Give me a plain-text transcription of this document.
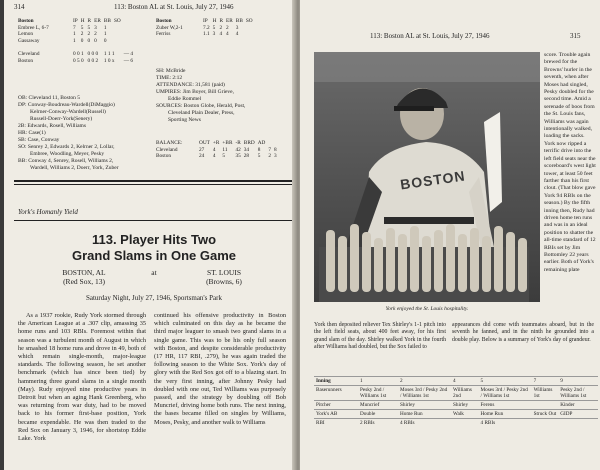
314	113: Boston AL at St. Louis, July 27, 1946
Boston	IP	H	R	ER	BB	SO	
Embree L, 6-7	7	5	5	3	1		
Lemon	1	2	2	2	1		
Gassaway	1	0	0	0	0		

Cleveland	0 0 1		0 0 0		1 1 1		— 4
Boston	0 5 0		0 0 2		1 0 x		— 6
OB: Cleveland 11, Boston 5
DP: Conway-Boudreau-Wardell(DiMaggio)
Kelrner-Conway-Wardell(Russell)
Russell-Doerr-York(Senery)
2B: Edwards, Rosell, Williams
HR: Case(1)
SB: Case, Conway
SO: Senrey 2, Edwards 2, Kelrner 2, Lollar,
Embree, Woodling, Meyer, Pesky
BB: Conway 4, Senrey, Rosell, Williams 2,
Wardell, Williams 2, Doerr, York, Zuber
Boston	IP	H	R	ER	BB	SO
Zuber W,2-1	7.2	5	2	2	3	
Ferriss	1.1	3	4	4	4	
SH: McBride
TIME: 2:12
ATTENDANCE: 31,581 (paid)
UMPIRES: Jim Boyer, Bill Grieve,
Eddie Rommel
SOURCES: Boston Globe, Herald, Post,
Cleveland Plain Dealer, Press,
Sporting News
BALANCE:	OUT	+R	+BR	-R	BRD	AD		
Cleveland	27	4	11	42	34	8	7	8
Boston	24	4	5	35	28	5	2	3
York's Homanly Yield
113. Player Hits Two
Grand Slams in One Game
BOSTON, AL
(Red Sox, 13)
at	ST. LOUIS
(Browns, 6)
Saturday Night, July 27, 1946, Sportsman's Park
As a 1937 rookie, Rudy York stormed through the American League at a .307 clip, amassing 35 home runs and 103 RBIs. Foremost within that season was a turbulent month of August in which he smashed 18 home runs and drove in 49, both of which remain single-month, major-league standards. The following season, he set another benchmark (which has since been tied) by hammering three grand slams in a single month (May). Rudy enjoyed nine productive years in Detroit but when an aging Hank Greenberg, who was returning from war duty, had to be moved back to his former first-base position, York became expendable. He was then traded to the Red Sox on January 3, 1946, for shortstop Eddie Lake. York
continued his offensive productivity in Boston which culminated on this day as he became the third major leaguer to smash two grand slams in a single game. This was to be his only full season with Boston, and despite considerable productivity (17 HR, 117 RBI, .279), he was again traded the following season to the White Sox. York's day of glory with the Red Sox got off to a blazing start. In the very first inning, after Johnny Pesky had doubled with one out, Ted Williams was purposely passed, and the strategy by doubling off Bob Muncrief, driving home both runs. The next inning, the bases became filled on singles by Williams, Moses, Pesky, and another walk to Williams
113: Boston AL at St. Louis, July 27, 1946	315
BOSTON
York enjoyed the St. Louis hospitality.
score. Trouble again brewed for the Browns' hurler in the seventh, when after Moses had singled, Pesky doubled for the second time. Amid a serenade of boos from the St. Louis fans, Williams was again intentionally walked, loading the sacks. York now ripped a terrific drive into the left field seats near the scoreboard's west light tower, at least 50 feet farther than his first clout. (That blow gave York 94 RBIs on the season.) By the fifth inning then, Rudy had driven home ten runs and was in an ideal position to shatter the all-time standard of 12 RBIs set by Jim Bottomley 22 years earlier. Both of York's remaining plate
York then deposited reliever Tex Shirley's 1-1 pitch into the left field seats, about 400 feet away, for his first grand slam of the day. Shirley walked York in the fourth after Williams had doubled, but the Sox failed to
appearances did come with teammates aboard, but in the seventh he fanned, and in the ninth he grounded into a double play. Below is a summary of York's day of grandeur.
Inning	1	2	4	5	7	9
Baserunners	Pesky 2nd / Williams 1st	Moses 3rd / Pesky 2nd / Williams 1st	Williams 2nd	Moses 3rd / Pesky 2nd / Williams 1st	Williams 1st	Pesky 2nd / Williams 1st
Pitcher	Muncrief	Shirley	Shirley	Ferens		Kinder
York's AB	Double	Home Run	Walk	Home Run	Struck Out	GIDP
RBI	2 RBIs	4 RBIs		4 RBIs		
